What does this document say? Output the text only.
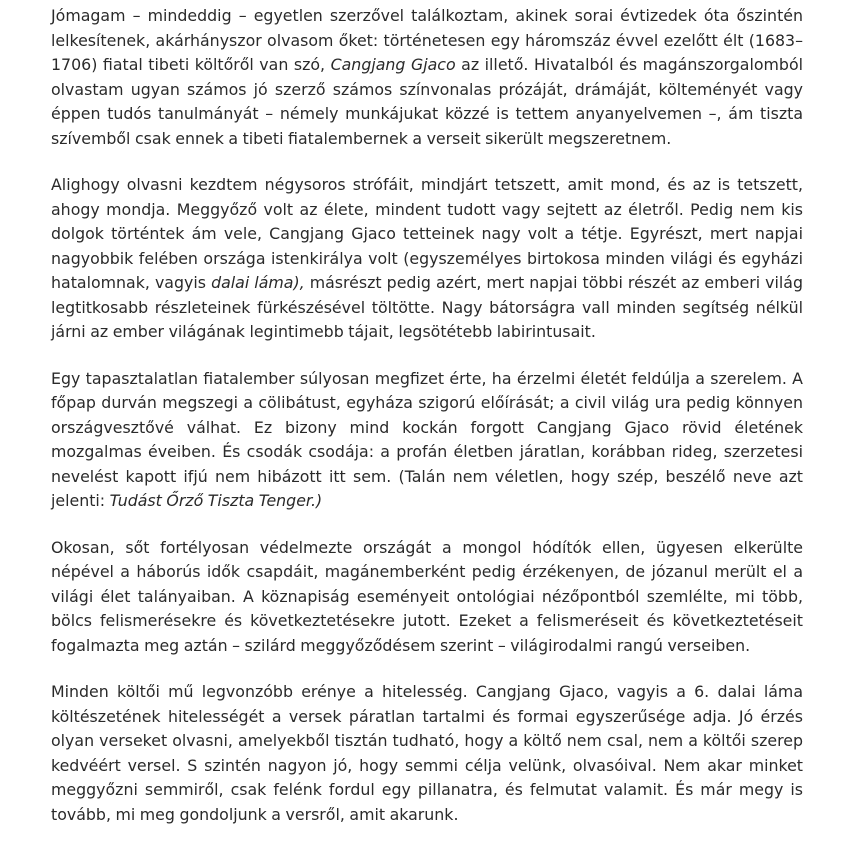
Jómagam – mindeddig – egyetlen szerzővel találkoztam, akinek sorai évtizedek óta őszintén lelkesítenek, akárhányszor olvasom őket: történetesen egy háromszáz évvel ezelőtt élt (1683–1706) fiatal tibeti költőről van szó, Cangjang Gjaco az illető. Hivatalból és magánszorgalomból olvastam ugyan számos jó szerző számos színvonalas prózáját, drámáját, költeményét vagy éppen tudós tanulmányát – némely munkájukat közzé is tettem anyanyelvemen –, ám tiszta szívemből csak ennek a tibeti fiatalembernek a verseit sikerült megszeretnem.

Alighogy olvasni kezdtem négysoros strófáit, mindjárt tetszett, amit mond, és az is tetszett, ahogy mondja. Meggyőző volt az élete, mindent tudott vagy sejtett az életről. Pedig nem kis dolgok történtek ám vele, Cangjang Gjaco tetteinek nagy volt a tétje. Egyrészt, mert napjai nagyobbik felében országa istenkirálya volt (egyszemélyes birtokosa minden világi és egyházi hatalomnak, vagyis dalai láma), másrészt pedig azért, mert napjai többi részét az emberi világ legtitkosabb részleteinek fürkészésével töltötte. Nagy bátorságra vall minden segítség nélkül járni az ember világának legintimebb tájait, legsötétebb labirintusait.

Egy tapasztalatlan fiatalember súlyosan megfizet érte, ha érzelmi életét feldúlja a szerelem. A főpap durván megszegi a cölibátust, egyháza szigorú előírását; a civil világ ura pedig könnyen országvesztővé válhat. Ez bizony mind kockán forgott Cangjang Gjaco rövid életének mozgalmas éveiben. És csodák csodája: a profán életben járatlan, korábban rideg, szerzetesi nevelést kapott ifjú nem hibázott itt sem. (Talán nem véletlen, hogy szép, beszélő neve azt jelenti: Tudást Őrző Tiszta Tenger.)

Okosan, sőt fortélyosan védelmezte országát a mongol hódítók ellen, ügyesen elkerülte népével a háborús idők csapdáit, magánemberként pedig érzékenyen, de józanul merült el a világi élet talányaiban. A köznapiság eseményeit ontológiai nézőpontból szemlélte, mi több, bölcs felismerésekre és következtetésekre jutott. Ezeket a felismeréseit és következtetéseit fogalmazta meg aztán – szilárd meggyőződésem szerint – világirodalmi rangú verseiben.

Minden költői mű legvonzóbb erénye a hitelesség. Cangjang Gjaco, vagyis a 6. dalai láma költészetének hitelességét a versek páratlan tartalmi és formai egyszerűsége adja. Jó érzés olyan verseket olvasni, amelyekből tisztán tudható, hogy a költő nem csal, nem a költői szerep kedvéért versel. S szintén nagyon jó, hogy semmi célja velünk, olvasóival. Nem akar minket meggyőzni semmiről, csak felénk fordul egy pillanatra, és felmutat valamit. És már megy is tovább, mi meg gondoljunk a versről, amit akarunk.
